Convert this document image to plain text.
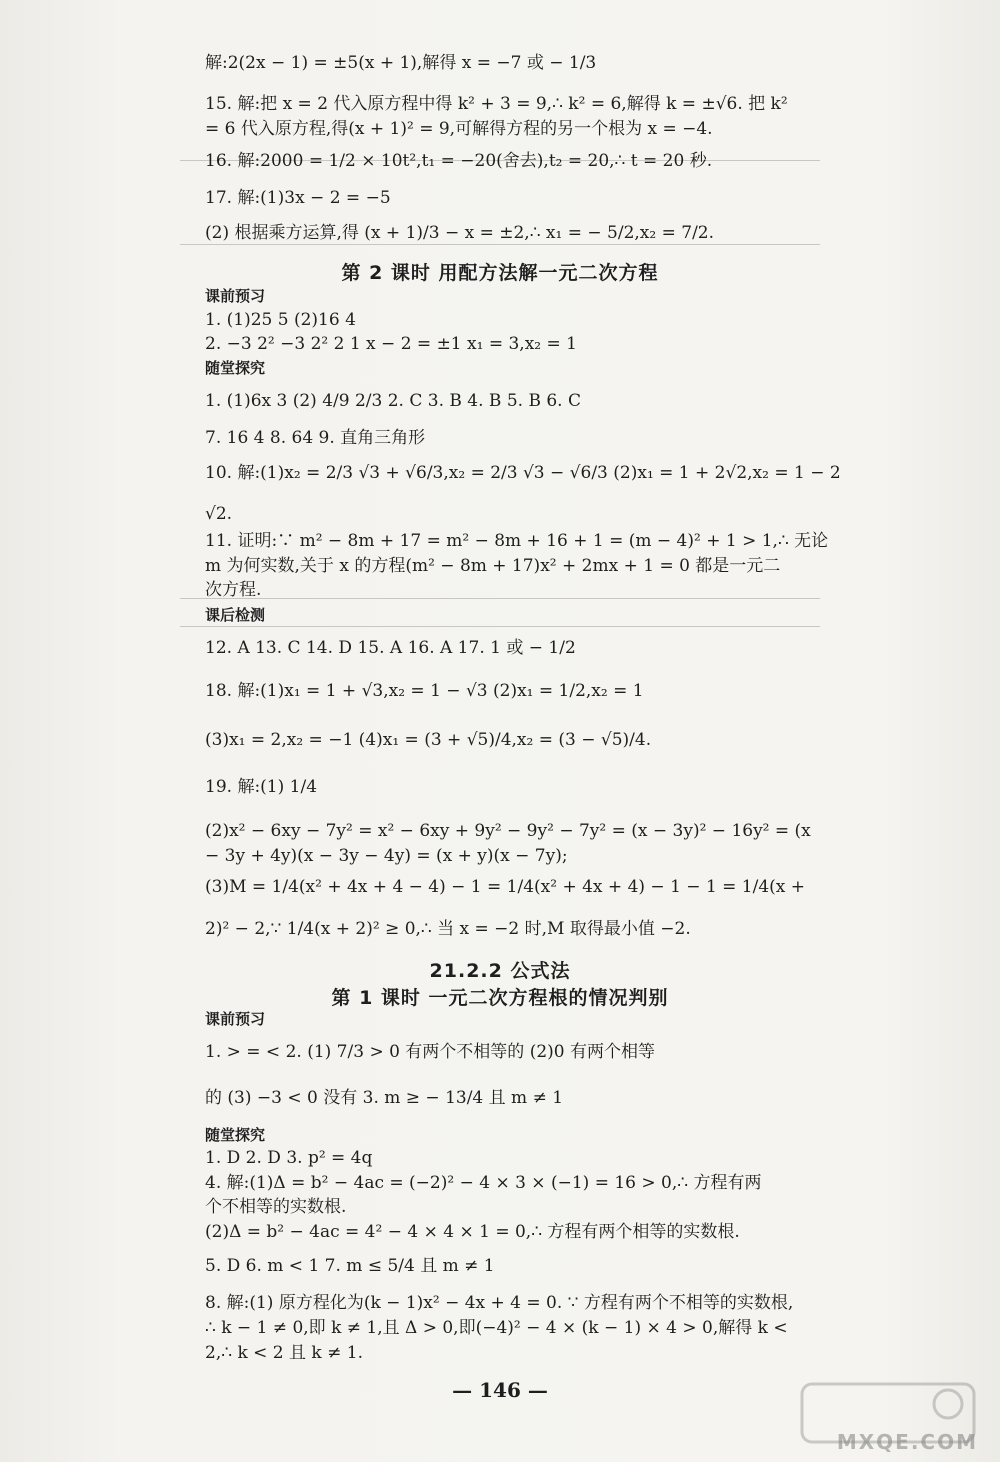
解:2(2x − 1) = ±5(x + 1),解得 x = −7 或 − 1/3
15. 解:把 x = 2 代入原方程中得 k² + 3 = 9,∴ k² = 6,解得 k = ±√6. 把 k²
= 6 代入原方程,得(x + 1)² = 9,可解得方程的另一个根为 x = −4.
16. 解:2000 = 1/2 × 10t²,t₁ = −20(舍去),t₂ = 20,∴ t = 20 秒.
17. 解:(1)3x − 2 = −5
(2) 根据乘方运算,得 (x + 1)/3 − x = ±2,∴ x₁ = − 5/2,x₂ = 7/2.
第 2 课时 用配方法解一元二次方程
课前预习
1. (1)25 5 (2)16 4
2. −3 2² −3 2² 2 1 x − 2 = ±1 x₁ = 3,x₂ = 1
随堂探究
1. (1)6x 3 (2) 4/9 2/3 2. C 3. B 4. B 5. B 6. C
7. 16 4 8. 64 9. 直角三角形
10. 解:(1)x₂ = 2/3 √3 + √6/3,x₂ = 2/3 √3 − √6/3 (2)x₁ = 1 + 2√2,x₂ = 1 − 2
√2.
11. 证明:∵ m² − 8m + 17 = m² − 8m + 16 + 1 = (m − 4)² + 1 > 1,∴ 无论
m 为何实数,关于 x 的方程(m² − 8m + 17)x² + 2mx + 1 = 0 都是一元二
次方程.
课后检测
12. A 13. C 14. D 15. A 16. A 17. 1 或 − 1/2
18. 解:(1)x₁ = 1 + √3,x₂ = 1 − √3 (2)x₁ = 1/2,x₂ = 1
(3)x₁ = 2,x₂ = −1 (4)x₁ = (3 + √5)/4,x₂ = (3 − √5)/4.
19. 解:(1) 1/4
(2)x² − 6xy − 7y² = x² − 6xy + 9y² − 9y² − 7y² = (x − 3y)² − 16y² = (x
− 3y + 4y)(x − 3y − 4y) = (x + y)(x − 7y);
(3)M = 1/4(x² + 4x + 4 − 4) − 1 = 1/4(x² + 4x + 4) − 1 − 1 = 1/4(x +
2)² − 2,∵ 1/4(x + 2)² ≥ 0,∴ 当 x = −2 时,M 取得最小值 −2.
21.2.2 公式法
第 1 课时 一元二次方程根的情况判别
课前预习
1. > = < 2. (1) 7/3 > 0 有两个不相等的 (2)0 有两个相等
的 (3) −3 < 0 没有 3. m ≥ − 13/4 且 m ≠ 1
随堂探究
1. D 2. D 3. p² = 4q
4. 解:(1)Δ = b² − 4ac = (−2)² − 4 × 3 × (−1) = 16 > 0,∴ 方程有两
个不相等的实数根.
(2)Δ = b² − 4ac = 4² − 4 × 4 × 1 = 0,∴ 方程有两个相等的实数根.
5. D 6. m < 1 7. m ≤ 5/4 且 m ≠ 1
8. 解:(1) 原方程化为(k − 1)x² − 4x + 4 = 0. ∵ 方程有两个不相等的实数根,
∴ k − 1 ≠ 0,即 k ≠ 1,且 Δ > 0,即(−4)² − 4 × (k − 1) × 4 > 0,解得 k <
2,∴ k < 2 且 k ≠ 1.
— 146 —
MXQE.COM
